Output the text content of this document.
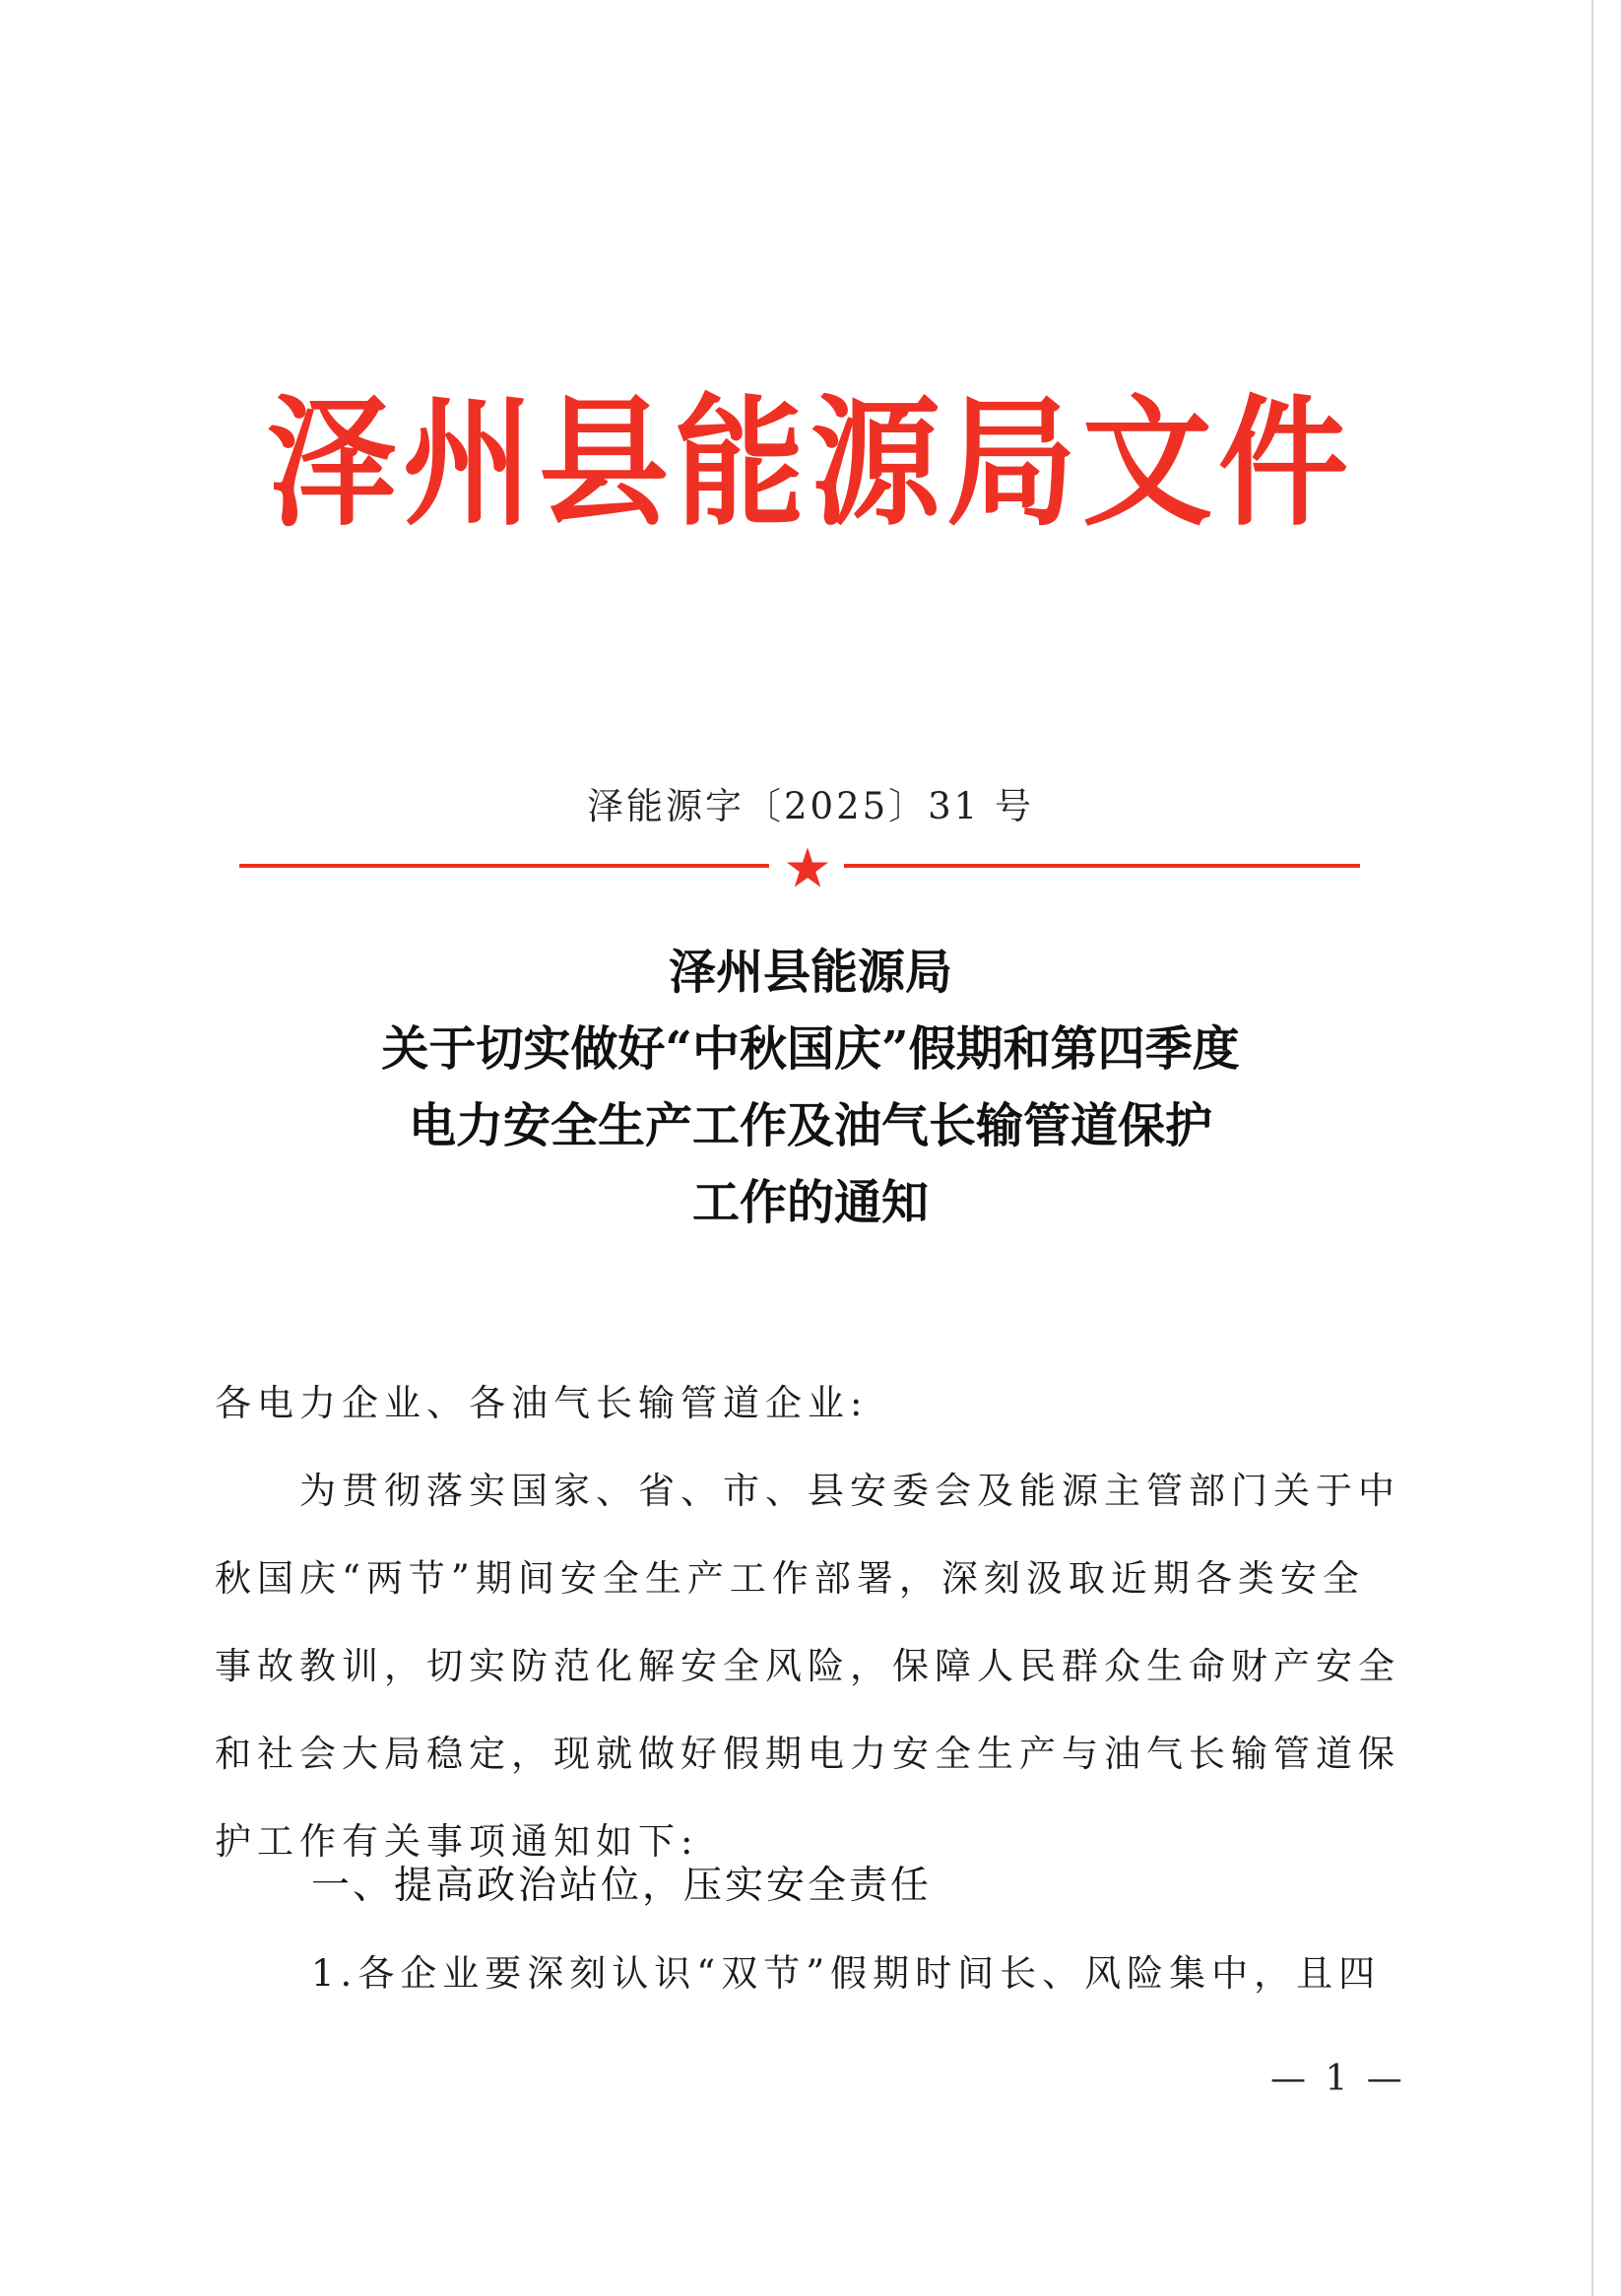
泽州县能源局文件
泽能源字〔2025〕31 号
泽州县能源局
关于切实做好“中秋国庆”假期和第四季度
电力安全生产工作及油气长输管道保护
工作的通知
各电力企业、各油气长输管道企业:
　　为贯彻落实国家、省、市、县安委会及能源主管部门关于中
秋国庆“两节”期间安全生产工作部署，深刻汲取近期各类安全
事故教训，切实防范化解安全风险，保障人民群众生命财产安全
和社会大局稳定，现就做好假期电力安全生产与油气长输管道保
护工作有关事项通知如下:
一、提高政治站位，压实安全责任
1.各企业要深刻认识“双节”假期时间长、风险集中，且四
— 1 —
